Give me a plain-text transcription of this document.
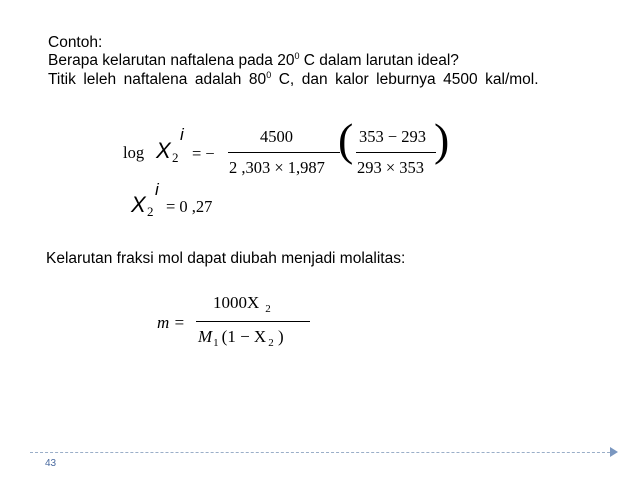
Contoh:
Berapa kelarutan naftalena pada $20^0$ C dalam larutan ideal?
Titik leleh naftalena adalah $80^0$ C, dan kalor leburnya 4500 kal/mol.
log X 2
i
= −
4500
2 ,303 × 1,987
( 353 − 293
293 × 353
)
X 2
i
= 0 ,27
Kelarutan fraksi mol dapat diubah menjadi molalitas:
m =
1000X $_2$
$M_1$ (1 − X $_2$ )
43
